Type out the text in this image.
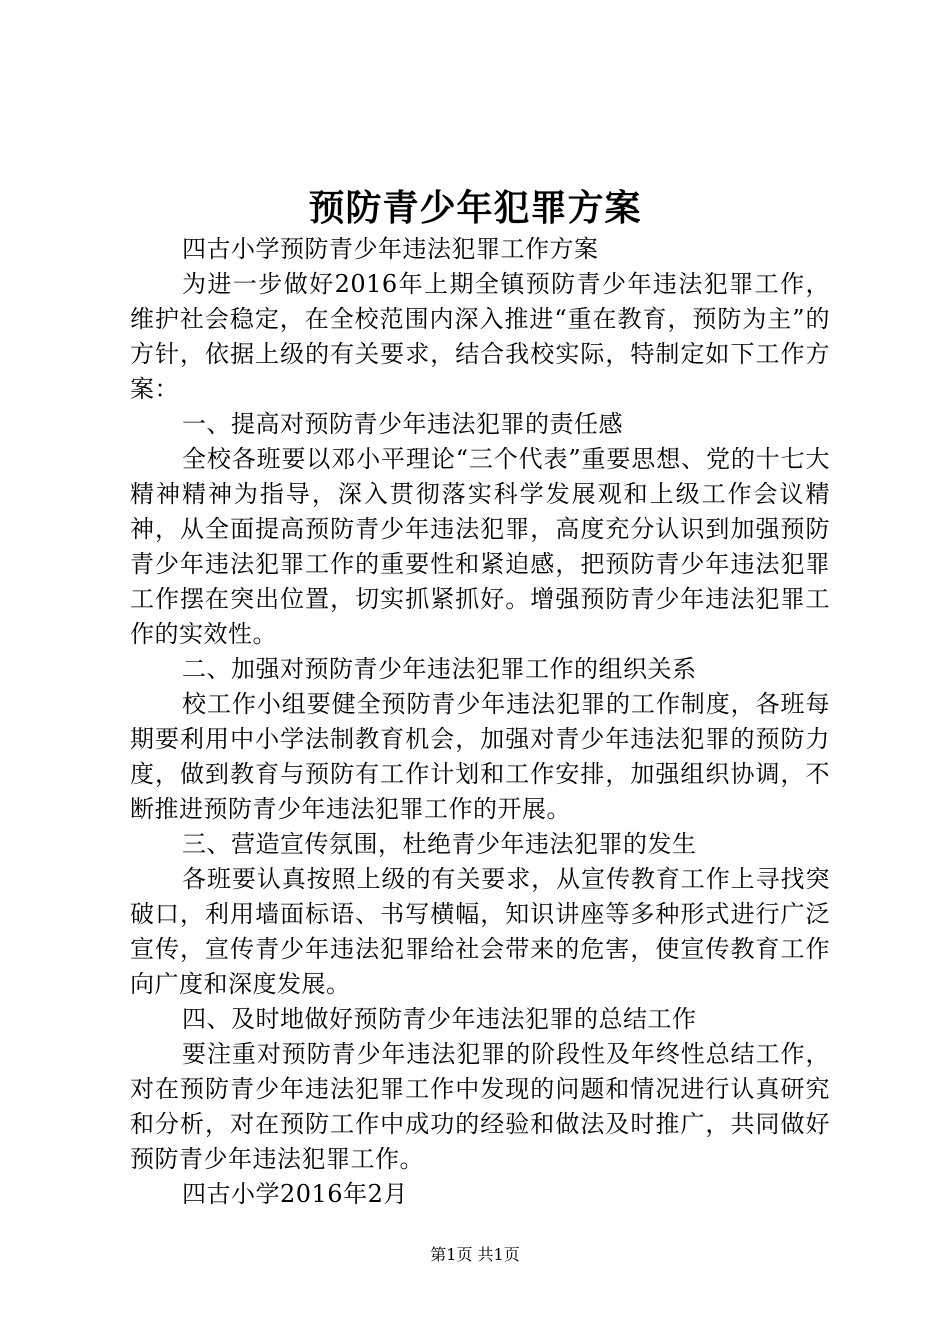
预防青少年犯罪方案

四古小学预防青少年违法犯罪工作方案

为进一步做好2016年上期全镇预防青少年违法犯罪工作，维护社会稳定，在全校范围内深入推进“重在教育，预防为主”的方针，依据上级的有关要求，结合我校实际，特制定如下工作方案：

一、提高对预防青少年违法犯罪的责任感

全校各班要以邓小平理论“三个代表”重要思想、党的十七大精神精神为指导，深入贯彻落实科学发展观和上级工作会议精神，从全面提高预防青少年违法犯罪，高度充分认识到加强预防青少年违法犯罪工作的重要性和紧迫感，把预防青少年违法犯罪工作摆在突出位置，切实抓紧抓好。增强预防青少年违法犯罪工作的实效性。

二、加强对预防青少年违法犯罪工作的组织关系

校工作小组要健全预防青少年违法犯罪的工作制度，各班每期要利用中小学法制教育机会，加强对青少年违法犯罪的预防力度，做到教育与预防有工作计划和工作安排，加强组织协调，不断推进预防青少年违法犯罪工作的开展。

三、营造宣传氛围，杜绝青少年违法犯罪的发生

各班要认真按照上级的有关要求，从宣传教育工作上寻找突破口，利用墙面标语、书写横幅，知识讲座等多种形式进行广泛宣传，宣传青少年违法犯罪给社会带来的危害，使宣传教育工作向广度和深度发展。

四、及时地做好预防青少年违法犯罪的总结工作

要注重对预防青少年违法犯罪的阶段性及年终性总结工作，对在预防青少年违法犯罪工作中发现的问题和情况进行认真研究和分析，对在预防工作中成功的经验和做法及时推广，共同做好预防青少年违法犯罪工作。

四古小学2016年2月

第1页 共1页
